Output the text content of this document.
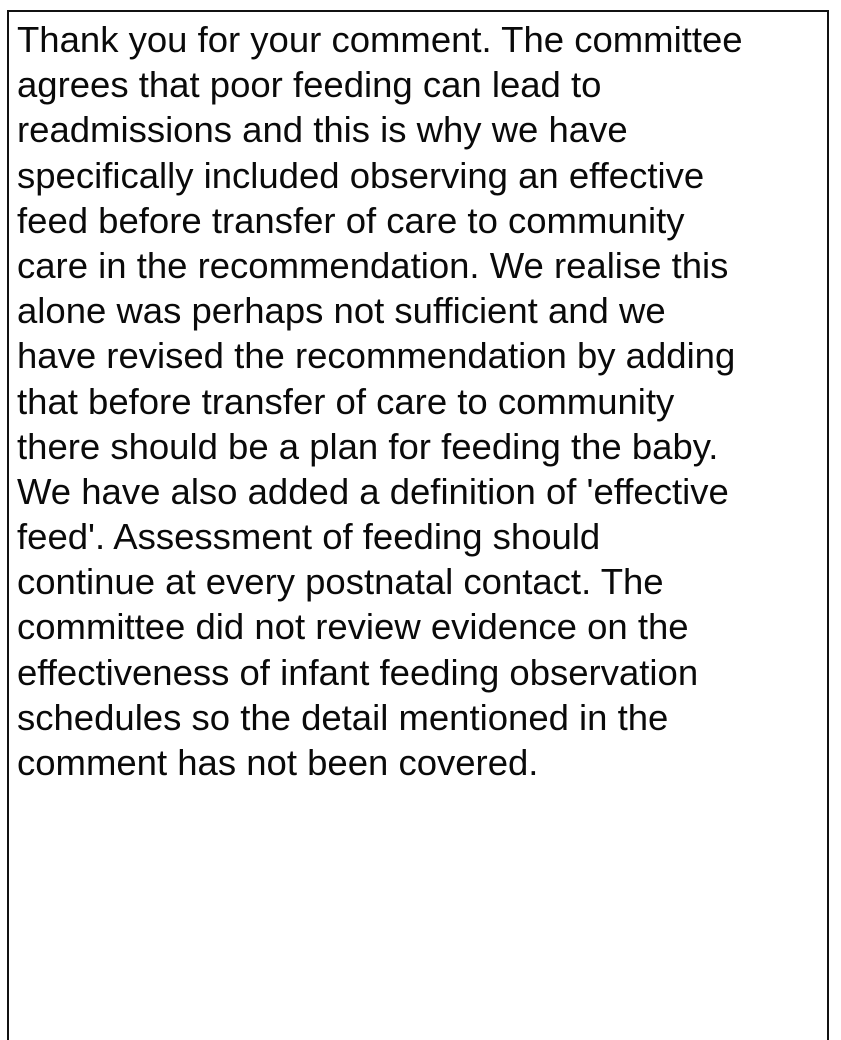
Thank you for your comment. The committee
agrees that poor feeding can lead to
readmissions and this is why we have
specifically included observing an effective
feed before transfer of care to community
care in the recommendation. We realise this
alone was perhaps not sufficient and we
have revised the recommendation by adding
that before transfer of care to community
there should be a plan for feeding the baby.
We have also added a definition of 'effective
feed'. Assessment of feeding should
continue at every postnatal contact. The
committee did not review evidence on the
effectiveness of infant feeding observation
schedules so the detail mentioned in the
comment has not been covered.
